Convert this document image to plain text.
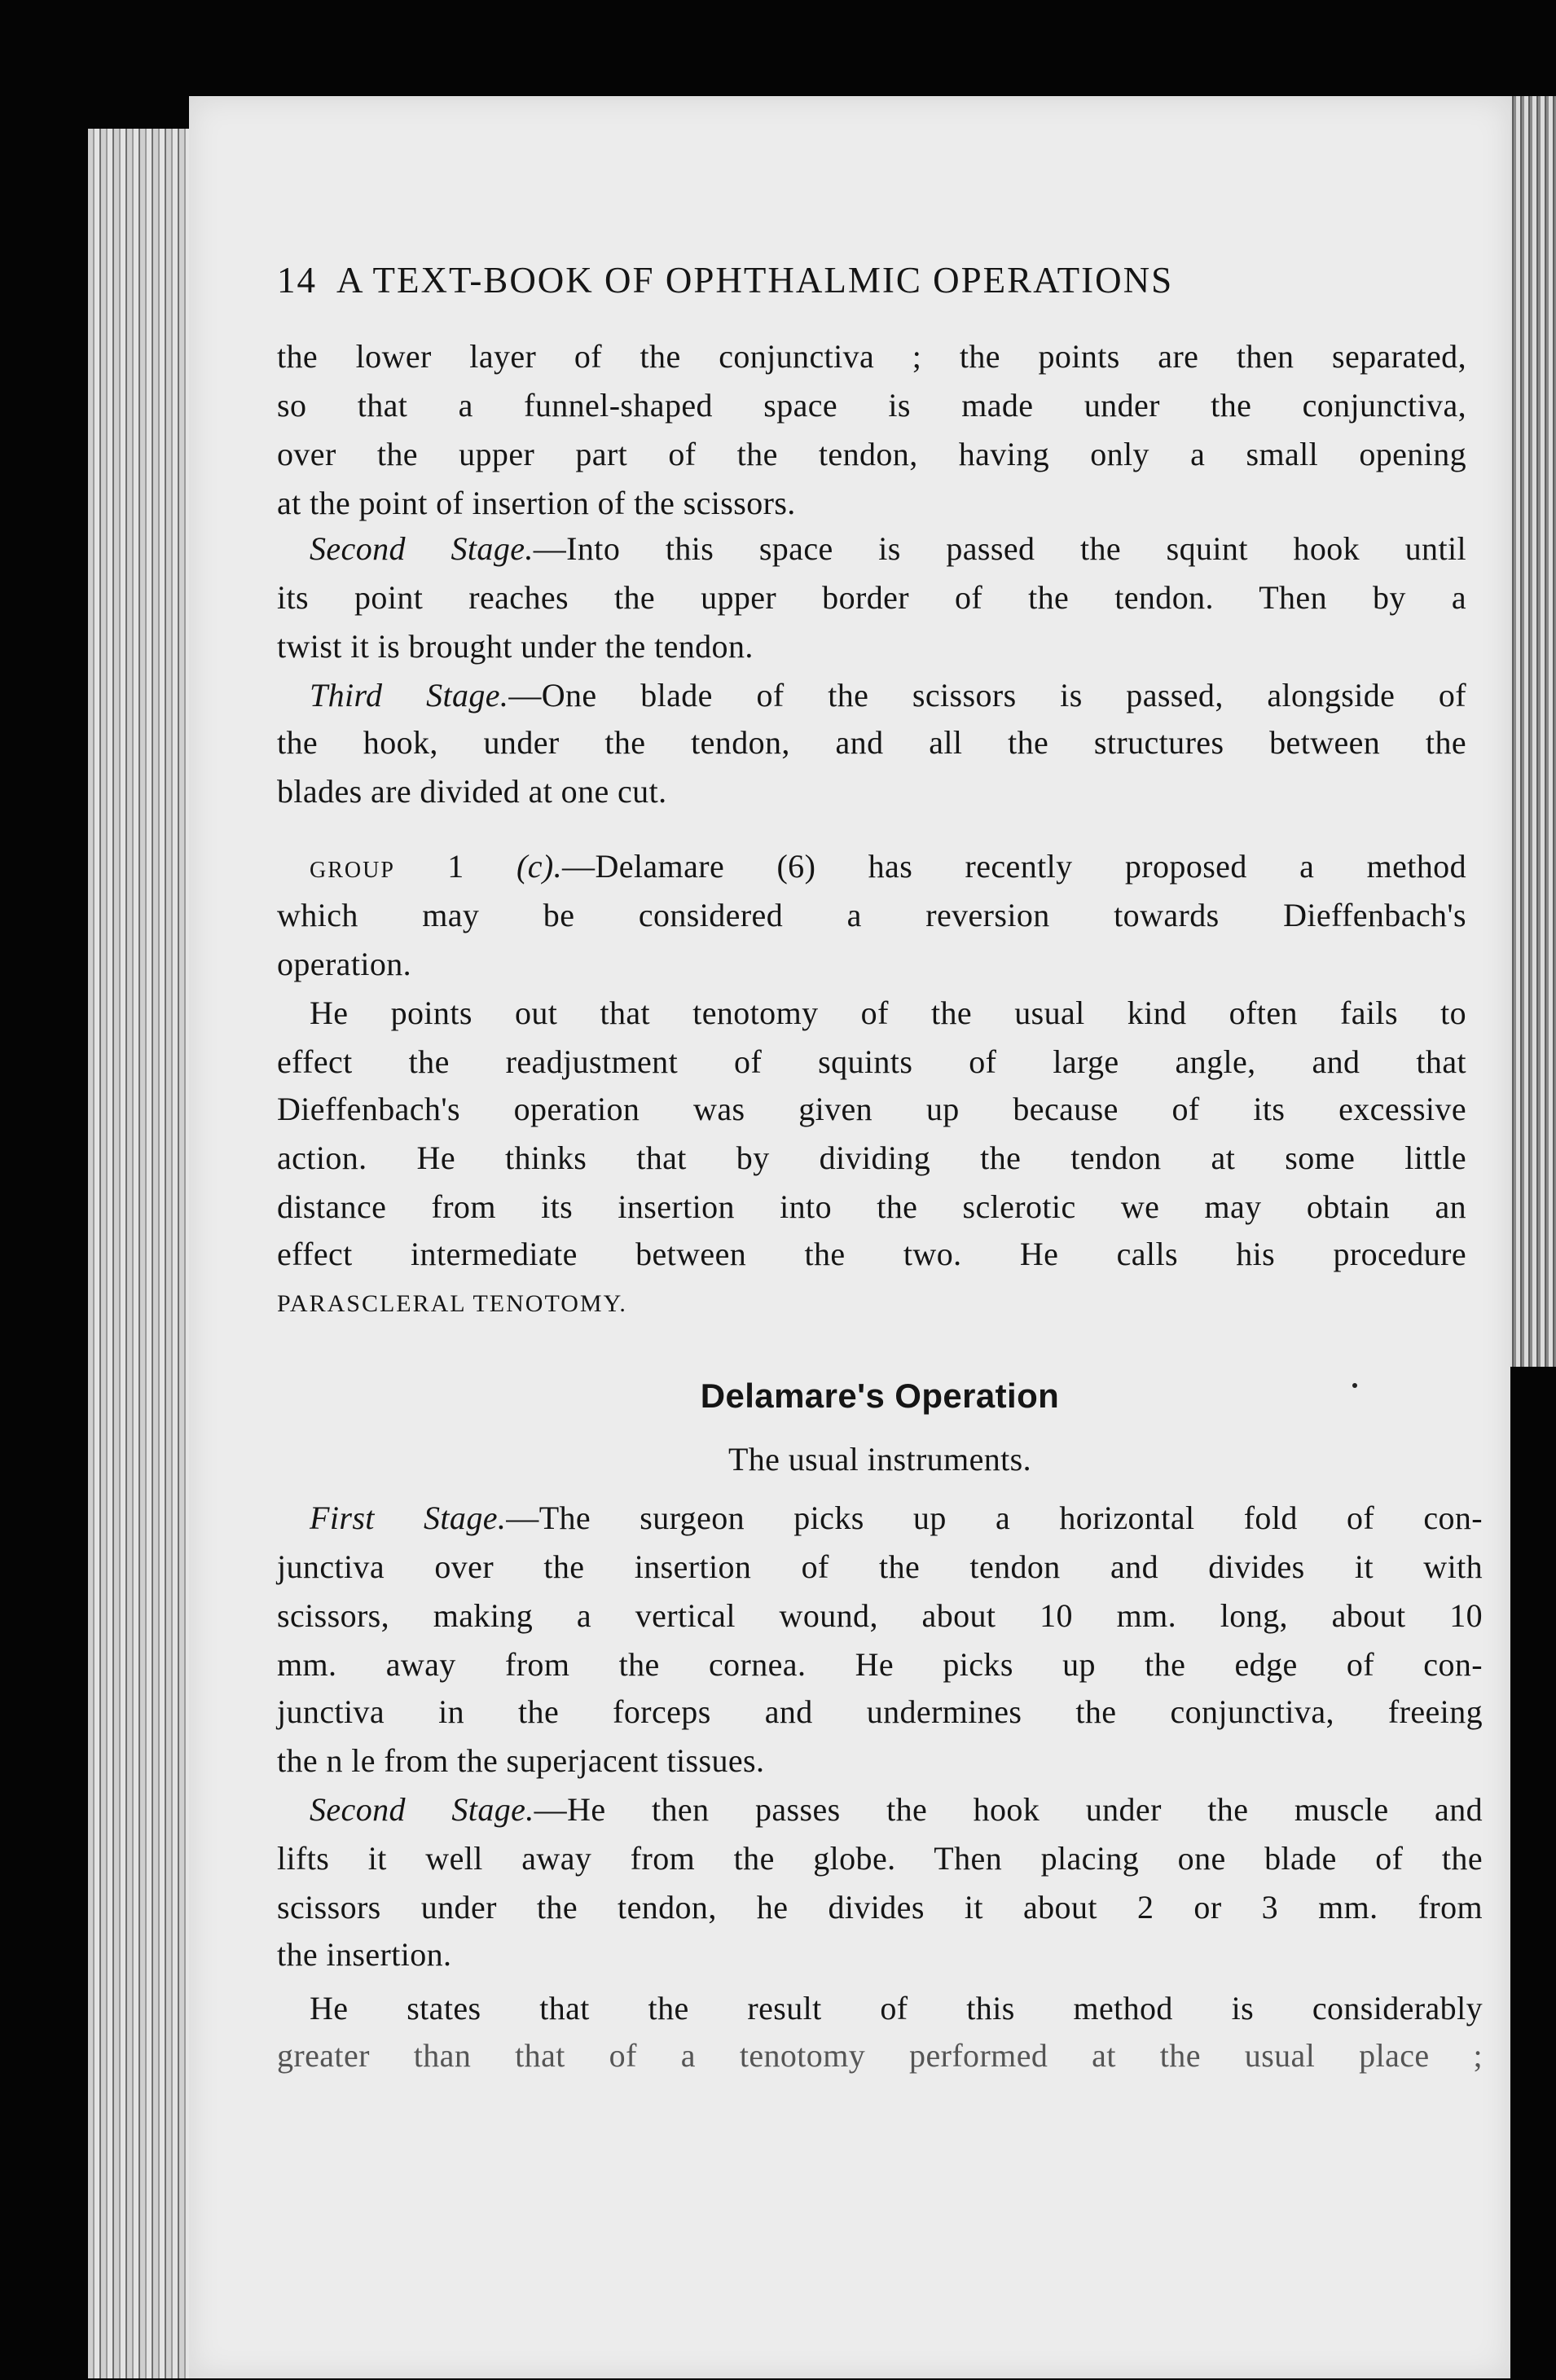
14 A TEXT-BOOK OF OPHTHALMIC OPERATIONS
the lower layer of the conjunctiva ; the points are then separated,
so that a funnel-shaped space is made under the conjunctiva,
over the upper part of the tendon, having only a small opening
at the point of insertion of the scissors.
Second Stage.—Into this space is passed the squint hook until
its point reaches the upper border of the tendon. Then by a
twist it is brought under the tendon.
Third Stage.—One blade of the scissors is passed, alongside of
the hook, under the tendon, and all the structures between the
blades are divided at one cut.
GROUP 1 (c).—Delamare (6) has recently proposed a method
which may be considered a reversion towards Dieffenbach's
operation.
He points out that tenotomy of the usual kind often fails to
effect the readjustment of squints of large angle, and that
Dieffenbach's operation was given up because of its excessive
action. He thinks that by dividing the tendon at some little
distance from its insertion into the sclerotic we may obtain an
effect intermediate between the two. He calls his procedure
PARASCLERAL TENOTOMY.
Delamare's Operation
The usual instruments.
First Stage.—The surgeon picks up a horizontal fold of con-
junctiva over the insertion of the tendon and divides it with
scissors, making a vertical wound, about 10 mm. long, about 10
mm. away from the cornea. He picks up the edge of con-
junctiva in the forceps and undermines the conjunctiva, freeing
the n le from the superjacent tissues.
Second Stage.—He then passes the hook under the muscle and
lifts it well away from the globe. Then placing one blade of the
scissors under the tendon, he divides it about 2 or 3 mm. from
the insertion.
He states that the result of this method is considerably
greater than that of a tenotomy performed at the usual place ;
